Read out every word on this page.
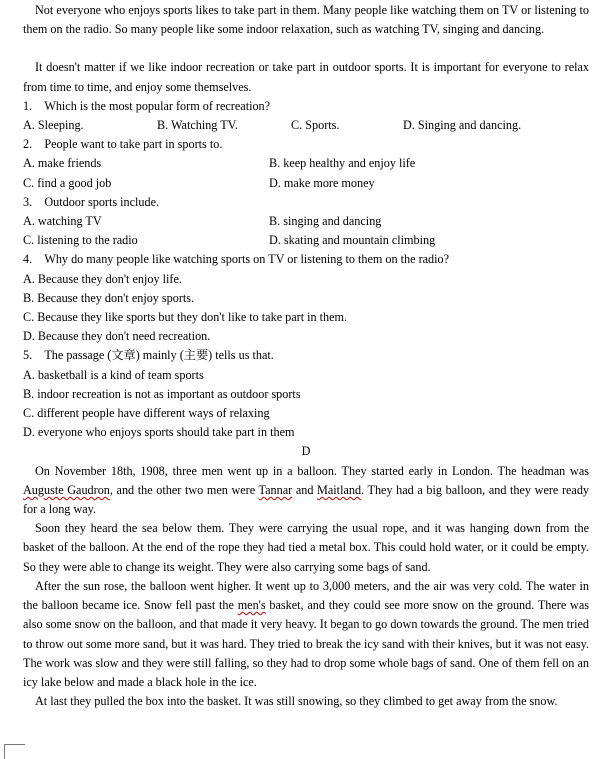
Not everyone who enjoys sports likes to take part in them. Many people like watching them on TV or listening to them on the radio. So many people like some indoor relaxation, such as watching TV, singing and dancing.

It doesn't matter if we like indoor recreation or take part in outdoor sports. It is important for everyone to relax from time to time, and enjoy some themselves.

1.    Which is the most popular form of recreation?

A. Sleeping.	B. Watching TV.	C. Sports.	D. Singing and dancing.

2.    People want to take part in sports to.

A. make friends	B. keep healthy and enjoy life
C. find a good job	D. make more money

3.    Outdoor sports include.

A. watching TV	B. singing and dancing
C. listening to the radio	D. skating and mountain climbing

4.    Why do many people like watching sports on TV or listening to them on the radio?

A. Because they don't enjoy life.

B. Because they don't enjoy sports.

C. Because they like sports but they don't like to take part in them.

D. Because they don't need recreation.

5.    The passage (文章) mainly (主要) tells us that.

A. basketball is a kind of team sports

B. indoor recreation is not as important as outdoor sports

C. different people have different ways of relaxing

D. everyone who enjoys sports should take part in them

D

On November 18th, 1908, three men went up in a balloon. They started early in London. The headman was Auguste Gaudron, and the other two men were Tannar and Maitland. They had a big balloon, and they were ready for a long way.

Soon they heard the sea below them. They were carrying the usual rope, and it was hanging down from the basket of the balloon. At the end of the rope they had tied a metal box. This could hold water, or it could be empty. So they were able to change its weight. They were also carrying some bags of sand.

After the sun rose, the balloon went higher. It went up to 3,000 meters, and the air was very cold. The water in the balloon became ice. Snow fell past the men's basket, and they could see more snow on the ground. There was also some snow on the balloon, and that made it very heavy. It began to go down towards the ground. The men tried to throw out some more sand, but it was hard. They tried to break the icy sand with their knives, but it was not easy. The work was slow and they were still falling, so they had to drop some whole bags of sand. One of them fell on an icy lake below and made a black hole in the ice.

At last they pulled the box into the basket. It was still snowing, so they climbed to get away from the snow.
